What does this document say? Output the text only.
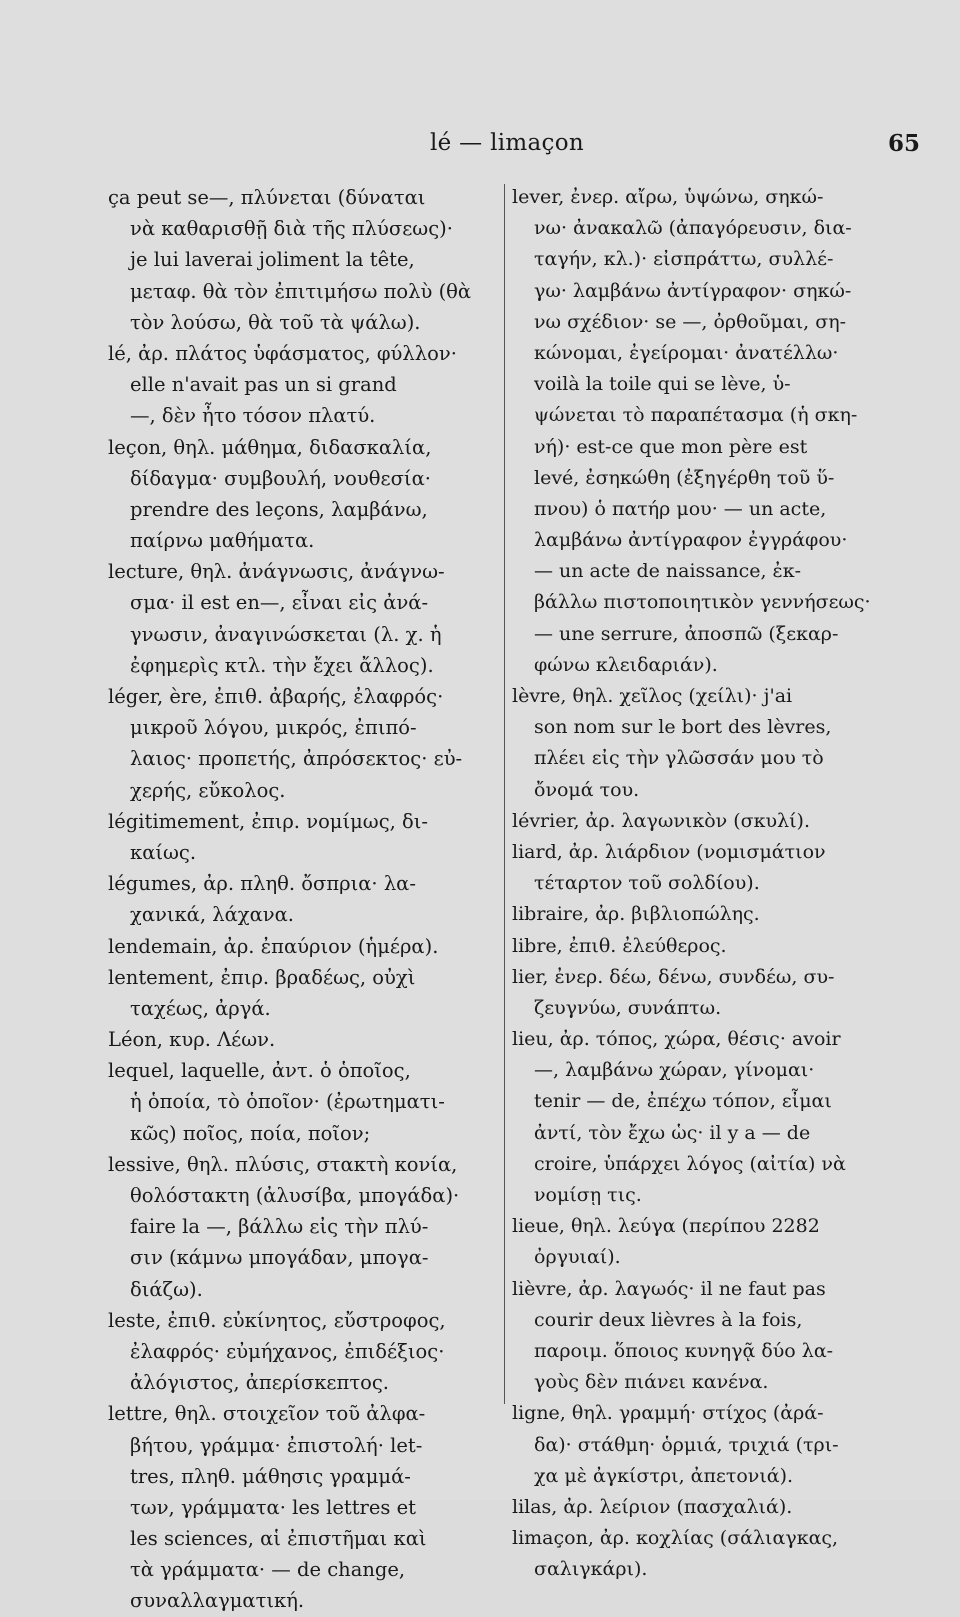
lé — limaçon	65
ça peut se—, πλύνεται (δύναται
νὰ καθαρισθῇ διὰ τῆς πλύσεως)·
je lui laverai joliment la tête,
μεταφ. θὰ τὸν ἐπιτιμήσω πολὺ (θὰ
τὸν λούσω, θὰ τοῦ τὰ ψάλω).
lé, ἀρ. πλάτος ὑφάσματος, φύλλον·
elle n'avait pas un si grand
—, δὲν ἦτο τόσον πλατύ.
leçon, θηλ. μάθημα, διδασκαλία,
δίδαγμα· συμβουλή, νουθεσία·
prendre des leçons, λαμβάνω,
παίρνω μαθήματα.
lecture, θηλ. ἀνάγνωσις, ἀνάγνω-
σμα· il est en—, εἶναι εἰς ἀνά-
γνωσιν, ἀναγινώσκεται (λ. χ. ἡ
ἐφημερὶς κτλ. τὴν ἔχει ἄλλος).
léger, ère, ἐπιθ. ἀβαρής, ἐλαφρός·
μικροῦ λόγου, μικρός, ἐπιπό-
λαιος· προπετής, ἀπρόσεκτος· εὐ-
χερής, εὔκολος.
légitimement, ἐπιρ. νομίμως, δι-
καίως.
légumes, ἀρ. πληθ. ὄσπρια· λα-
χανικά, λάχανα.
lendemain, ἀρ. ἐπαύριον (ἡμέρα).
lentement, ἐπιρ. βραδέως, οὐχὶ
ταχέως, ἀργά.
Léon, κυρ. Λέων.
lequel, laquelle, ἀντ. ὁ ὁποῖος,
ἡ ὁποία, τὸ ὁποῖον· (ἐρωτηματι-
κῶς) ποῖος, ποία, ποῖον;
lessive, θηλ. πλύσις, στακτὴ κονία,
θολόστακτη (ἀλυσίβα, μπογάδα)·
faire la —, βάλλω εἰς τὴν πλύ-
σιν (κάμνω μπογάδαν, μπογα-
διάζω).
leste, ἐπιθ. εὐκίνητος, εὔστροφος,
ἐλαφρός· εὐμήχανος, ἐπιδέξιος·
ἀλόγιστος, ἀπερίσκεπτος.
lettre, θηλ. στοιχεῖον τοῦ ἀλφα-
βήτου, γράμμα· ἐπιστολή· let-
tres, πληθ. μάθησις γραμμά-
των, γράμματα· les lettres et
les sciences, αἱ ἐπιστῆμαι καὶ
τὰ γράμματα· — de change,
συναλλαγματική.
lever, ἐνερ. αἴρω, ὑψώνω, σηκώ-
νω· ἀνακαλῶ (ἀπαγόρευσιν, δια-
ταγήν, κλ.)· εἰσπράττω, συλλέ-
γω· λαμβάνω ἀντίγραφον· σηκώ-
νω σχέδιον· se —, ὀρθοῦμαι, ση-
κώνομαι, ἐγείρομαι· ἀνατέλλω·
voilà la toile qui se lève, ὑ-
ψώνεται τὸ παραπέτασμα (ἡ σκη-
νή)· est-ce que mon père est
levé, ἐσηκώθη (ἐξηγέρθη τοῦ ὕ-
πνου) ὁ πατήρ μου· — un acte,
λαμβάνω ἀντίγραφον ἐγγράφου·
— un acte de naissance, ἐκ-
βάλλω πιστοποιητικὸν γεννήσεως·
— une serrure, ἀποσπῶ (ξεκαρ-
φώνω κλειδαριάν).
lèvre, θηλ. χεῖλος (χείλι)· j'ai
son nom sur le bort des lèvres,
πλέει εἰς τὴν γλῶσσάν μου τὸ
ὄνομά του.
lévrier, ἀρ. λαγωνικὸν (σκυλί).
liard, ἀρ. λιάρδιον (νομισμάτιον
τέταρτον τοῦ σολδίου).
libraire, ἀρ. βιβλιοπώλης.
libre, ἐπιθ. ἐλεύθερος.
lier, ἐνερ. δέω, δένω, συνδέω, συ-
ζευγνύω, συνάπτω.
lieu, ἀρ. τόπος, χώρα, θέσις· avoir
—, λαμβάνω χώραν, γίνομαι·
tenir — de, ἐπέχω τόπον, εἶμαι
ἀντί, τὸν ἔχω ὡς· il y a — de
croire, ὑπάρχει λόγος (αἰτία) νὰ
νομίσῃ τις.
lieue, θηλ. λεύγα (περίπου 2282
ὀργυιαί).
lièvre, ἀρ. λαγωός· il ne faut pas
courir deux lièvres à la fois,
παροιμ. ὅποιος κυνηγᾷ δύο λα-
γοὺς δὲν πιάνει κανένα.
ligne, θηλ. γραμμή· στίχος (ἀρά-
δα)· στάθμη· ὁρμιά, τριχιά (τρι-
χα μὲ ἀγκίστρι, ἀπετονιά).
lilas, ἀρ. λείριον (πασχαλιά).
limaçon, ἀρ. κοχλίας (σάλιαγκας,
σαλιγκάρι).
